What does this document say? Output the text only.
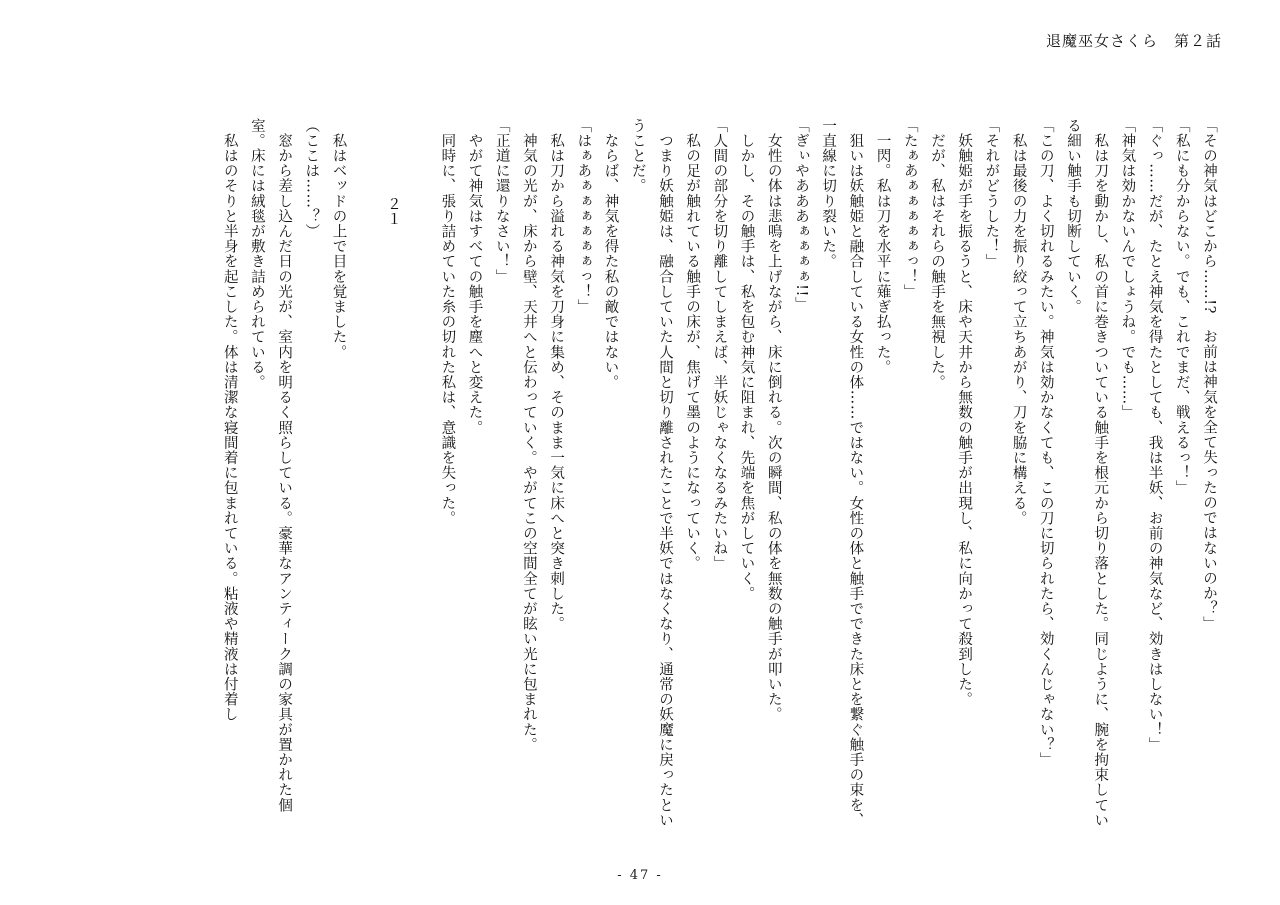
退魔巫女さくら　第２話

「その神気はどこから……!?　お前は神気を全て失ったのではないのか？」

「私にも分からない。でも、これでまだ、戦えるっ！」

「ぐっ……だが、たとえ神気を得たとしても、我は半妖、お前の神気など、効きはしない！」

「神気は効かないんでしょうね。でも……」

　私は刀を動かし、私の首に巻きついている触手を根元から切り落とした。同じように、腕を拘束している細い触手も切断していく。

「この刀、よく切れるみたい。神気は効かなくても、この刀に切られたら、効くんじゃない？」

　私は最後の力を振り絞って立ちあがり、刀を脇に構える。

「それがどうした！」

　妖触姫が手を振るうと、床や天井から無数の触手が出現し、私に向かって殺到した。

　だが、私はそれらの触手を無視した。

「たぁあぁぁぁぁぁっ！」

　一閃。私は刀を水平に薙ぎ払った。

　狙いは妖触姫と融合している女性の体……ではない。女性の体と触手でできた床とを繋ぐ触手の束を、一直線に切り裂いた。

「ぎぃやあああぁぁぁぁ!!」

　女性の体は悲鳴を上げながら、床に倒れる。次の瞬間、私の体を無数の触手が叩いた。

　しかし、その触手は、私を包む神気に阻まれ、先端を焦がしていく。

「人間の部分を切り離してしまえば、半妖じゃなくなるみたいね」

　私の足が触れている触手の床が、焦げて墨のようになっていく。

　つまり妖触姫は、融合していた人間と切り離されたことで半妖ではなくなり、通常の妖魔に戻ったということだ。

　ならば、神気を得た私の敵ではない。

「はぁあぁぁぁぁぁぁっ！」

　私は刀から溢れる神気を刀身に集め、そのまま一気に床へと突き刺した。

　神気の光が、床から壁、天井へと伝わっていく。やがてこの空間全てが眩い光に包まれた。

「正道に還りなさい！」

　やがて神気はすべての触手を塵へと変えた。

　同時に、張り詰めていた糸の切れた私は、意識を失った。

２１

　私はベッドの上で目を覚ました。

（ここは……？）

　窓から差し込んだ日の光が、室内を明るく照らしている。豪華なアンティーク調の家具が置かれた個室。床には絨毯が敷き詰められている。

　私はのそりと半身を起こした。体は清潔な寝間着に包まれている。粘液や精液は付着し

- 47 -
